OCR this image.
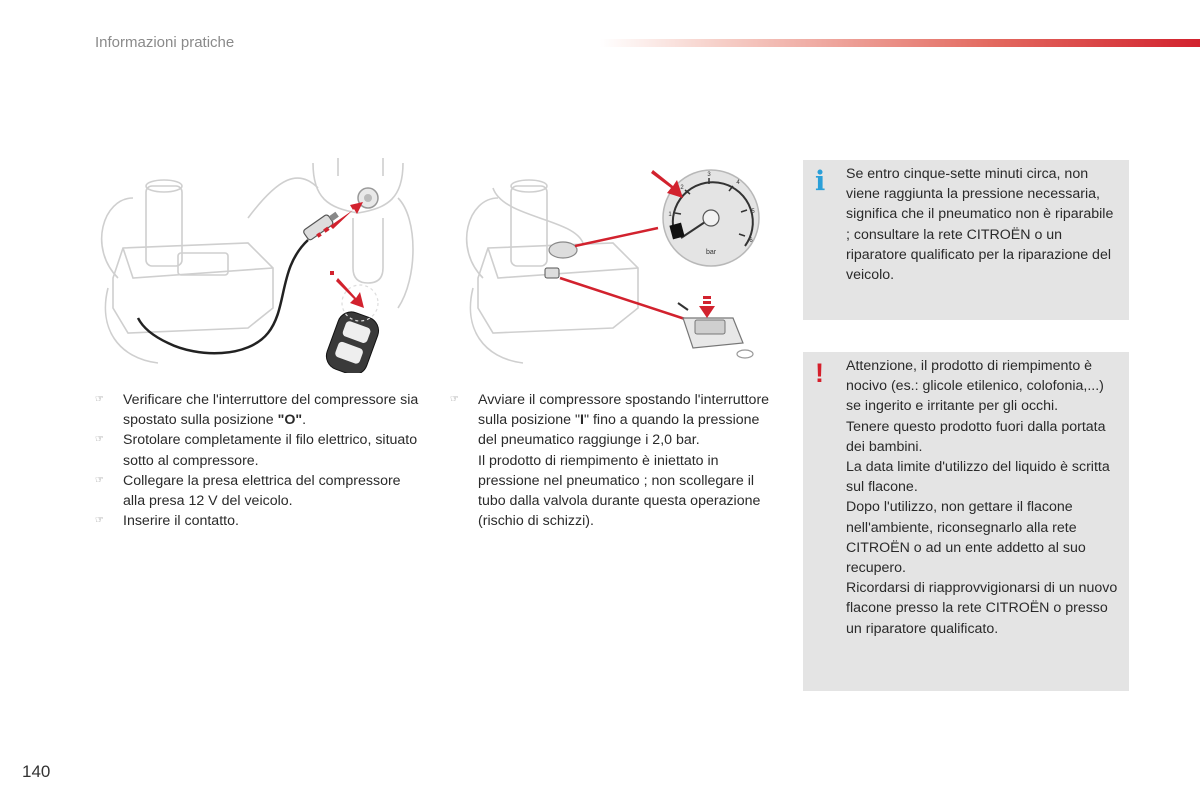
Informazioni pratiche
1
2
3
4
5
6
bar
☞	Verificare che l'interruttore del compressore sia spostato sulla posizione "O".
☞	Srotolare completamente il filo elettrico, situato sotto al compressore.
☞	Collegare la presa elettrica del compressore alla presa 12 V del veicolo.
☞	Inserire il contatto.
☞	Avviare il compressore spostando l'interruttore sulla posizione "I" fino a quando la pressione del pneumatico raggiunge i 2,0 bar.
Il prodotto di riempimento è iniettato in pressione nel pneumatico ; non scollegare il tubo dalla valvola durante questa operazione (rischio di schizzi).
i Se entro cinque-sette minuti circa, non viene raggiunta la pressione necessaria, significa che il pneumatico non è riparabile ; consultare la rete CITROËN o un riparatore qualificato per la riparazione del veicolo.
! Attenzione, il prodotto di riempimento è nocivo (es.: glicole etilenico, colofonia,...) se ingerito e irritante per gli occhi.
Tenere questo prodotto fuori dalla portata dei bambini.
La data limite d'utilizzo del liquido è scritta sul flacone.
Dopo l'utilizzo, non gettare il flacone nell'ambiente, riconsegnarlo alla rete CITROËN o ad un ente addetto al suo recupero.
Ricordarsi di riapprovvigionarsi di un nuovo flacone presso la rete CITROËN o presso un riparatore qualificato.
140
